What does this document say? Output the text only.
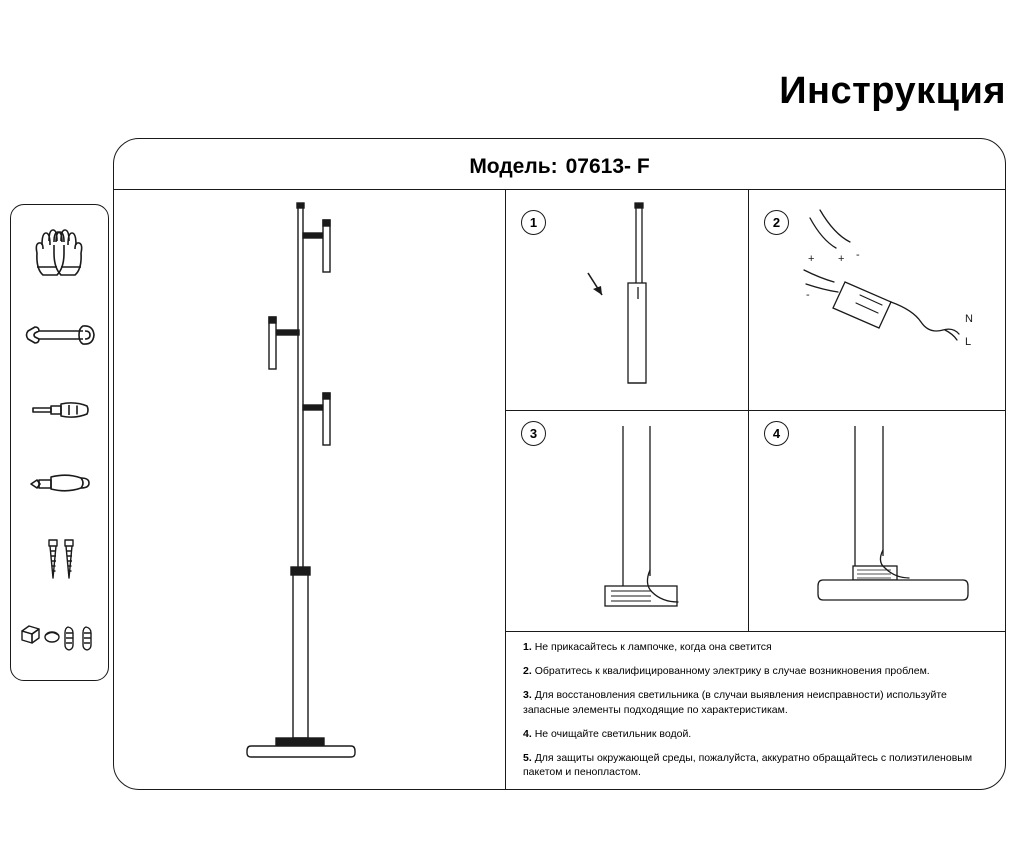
Инструкция
Модель: 07613- F
1	2
N
L
+ -
+
-
3	4
1. Не прикасайтесь к лампочке, когда она светится
2. Обратитесь к квалифицированному электрику в случае возникновения проблем.
3. Для восстановления светильника (в случаи выявления неисправности) используйте запасные элементы подходящие по характеристикам.
4. Не очищайте светильник водой.
5. Для защиты окружающей среды, пожалуйста, аккуратно обращайтесь с полиэтиленовым пакетом и пенопластом.
